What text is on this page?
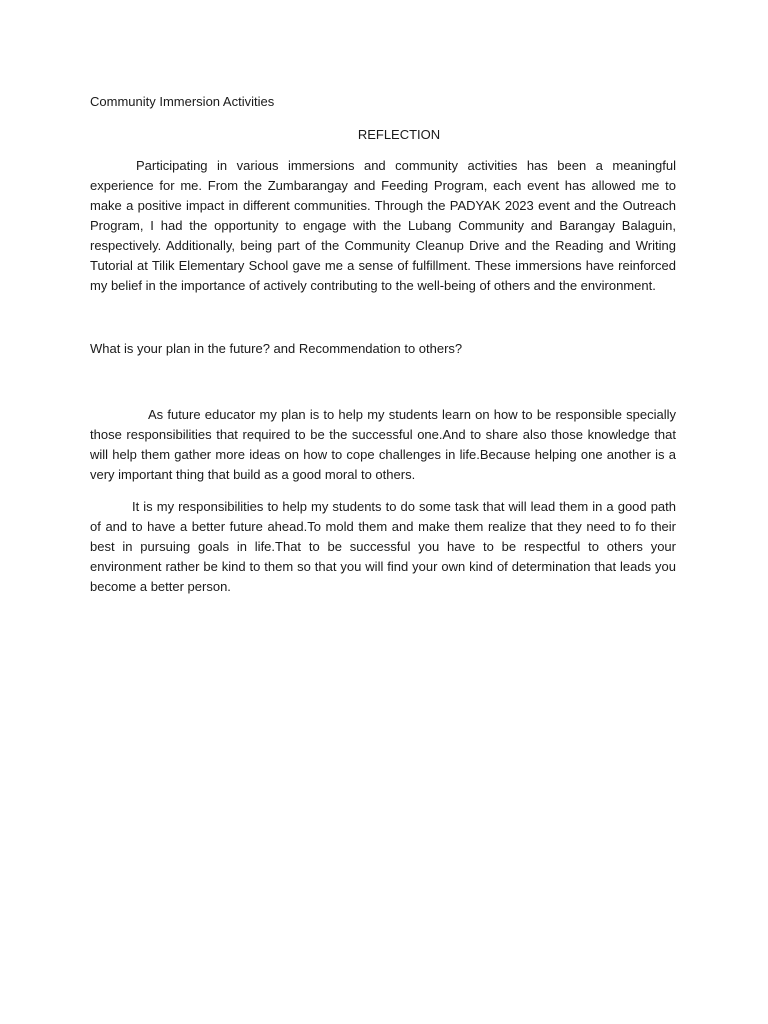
Community Immersion Activities

REFLECTION

Participating in various immersions and community activities has been a meaningful experience for me. From the Zumbarangay and Feeding Program, each event has allowed me to make a positive impact in different communities. Through the PADYAK 2023 event and the Outreach Program, I had the opportunity to engage with the Lubang Community and Barangay Balaguin, respectively. Additionally, being part of the Community Cleanup Drive and the Reading and Writing Tutorial at Tilik Elementary School gave me a sense of fulfillment. These immersions have reinforced my belief in the importance of actively contributing to the well-being of others and the environment.

What is your plan in the future? and Recommendation to others?

As future educator my plan is to help my students learn on how to be responsible specially those responsibilities that required to be the successful one.And to share also those knowledge that will help them gather more ideas on how to cope challenges in life.Because helping one another is a very important thing that build as a good moral to others.

It is my responsibilities to help my students to do some task that will lead them in a good path of and to have a better future ahead.To mold them and make them realize that they need to fo their best in pursuing goals in life.That to be successful you have to be respectful to others your environment rather be kind to them so that you will find your own kind of determination that leads you become a better person.
